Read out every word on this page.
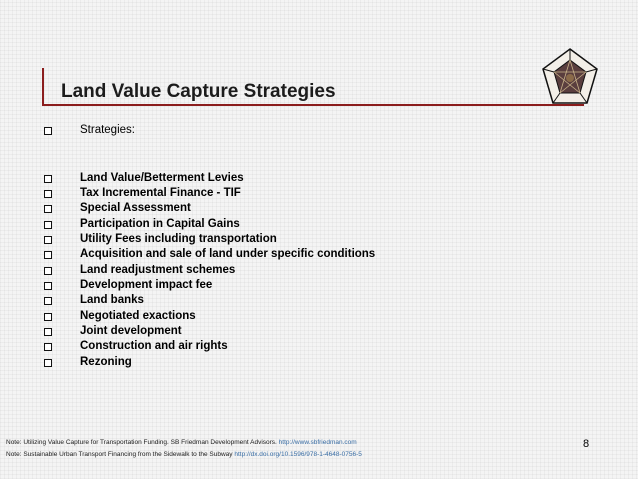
Land Value Capture Strategies
Strategies:
Land Value/Betterment Levies
Tax Incremental Finance - TIF
Special Assessment
Participation in Capital Gains
Utility Fees including transportation
Acquisition and sale of land under specific conditions
Land readjustment schemes
Development impact fee
Land banks
Negotiated exactions
Joint development
Construction and air rights
Rezoning
Note: Utilizing Value Capture for Transportation Funding. SB Friedman Development Advisors. http://www.sbfriedman.com
Note: Sustainable Urban Transport Financing from the Sidewalk to the Subway http://dx.doi.org/10.1596/978-1-4648-0756-5
8
